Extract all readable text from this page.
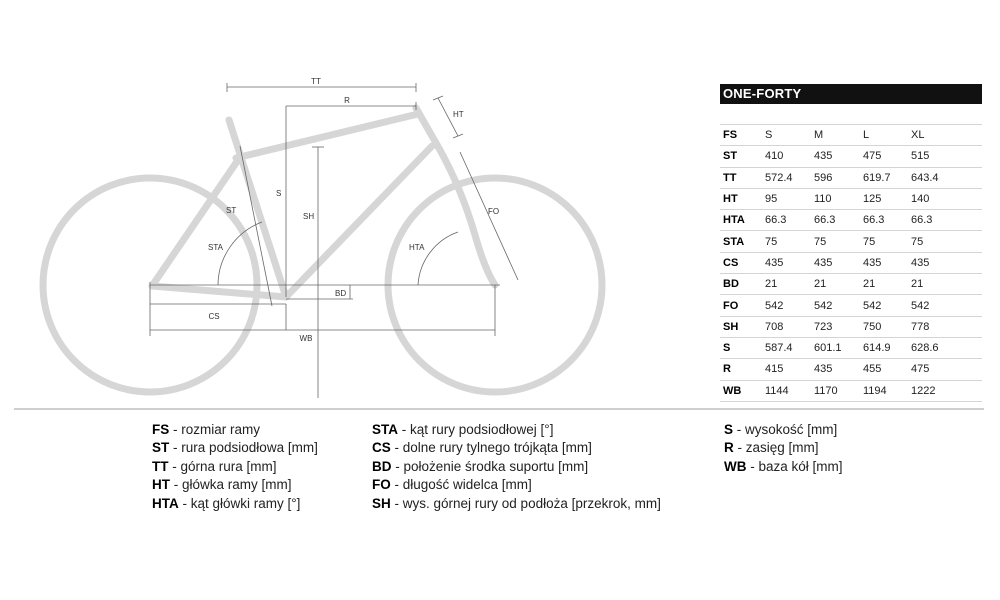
TT
R
HT
ST
S
SH
STA	HTA
FO
BD
CS
WB
ONE-FORTY
FS	S	M	L	XL
ST	410	435	475	515
TT	572.4	596	619.7	643.4
HT	95	110	125	140
HTA	66.3	66.3	66.3	66.3
STA	75	75	75	75
CS	435	435	435	435
BD	21	21	21	21
FO	542	542	542	542
SH	708	723	750	778
S	587.4	601.1	614.9	628.6
R	415	435	455	475
WB	1144	1170	1194	1222
FS - rozmiar ramy
ST - rura podsiodłowa [mm]
TT - górna rura [mm]
HT - główka ramy [mm]
HTA - kąt główki ramy [°]
STA - kąt rury podsiodłowej [°]
CS - dolne rury tylnego trójkąta [mm]
BD - położenie środka suportu [mm]
FO - długość widelca [mm]
SH - wys. górnej rury od podłoża [przekrok, mm]
S - wysokość [mm]
R - zasięg [mm]
WB - baza kół [mm]
